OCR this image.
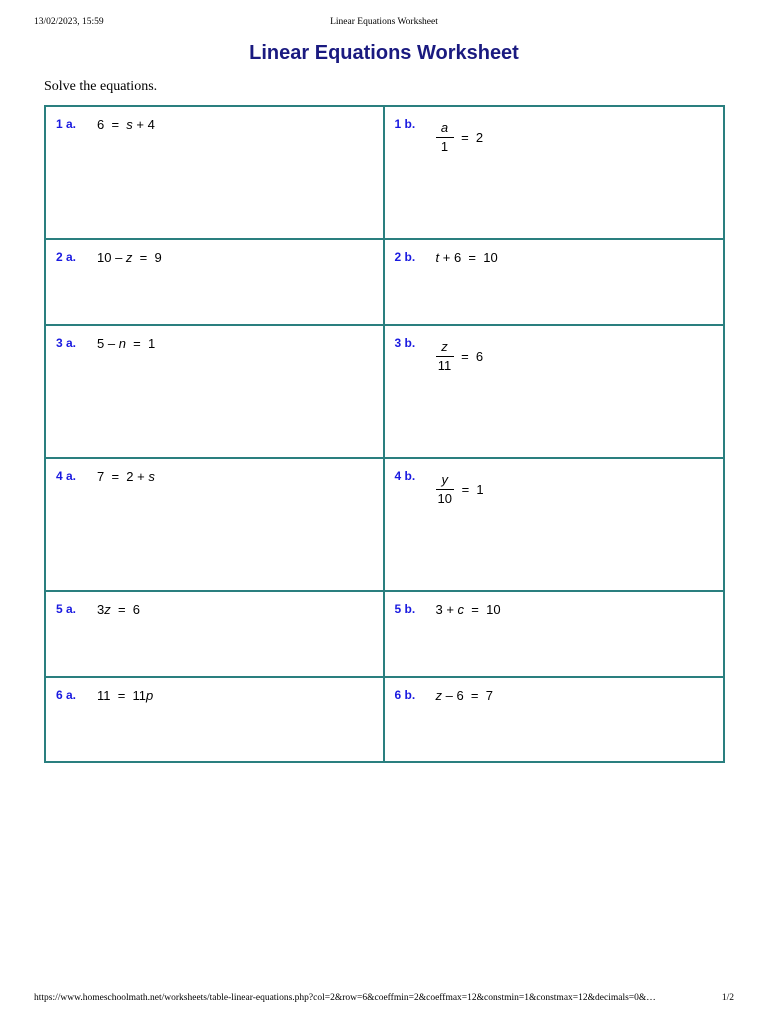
13/02/2023, 15:59	Linear Equations Worksheet
Linear Equations Worksheet
Solve the equations.
1 a. 6  =  s + 4	1 b. $\frac{a}{1} = 2$
2 a. 10 – z  =  9	2 b. t + 6  =  10
3 a. 5 – n  =  1	3 b. $\frac{z}{11} = 6$
4 a. 7  =  2 + s	4 b. $\frac{y}{10} = 1$
5 a. 3z  =  6	5 b. 3 + c  =  10
6 a. 11  =  11p	6 b. z – 6  =  7
https://www.homeschoolmath.net/worksheets/table-linear-equations.php?col=2&row=6&coeffmin=2&coeffmax=12&constmin=1&constmax=12&decimals=0&…	1/2
